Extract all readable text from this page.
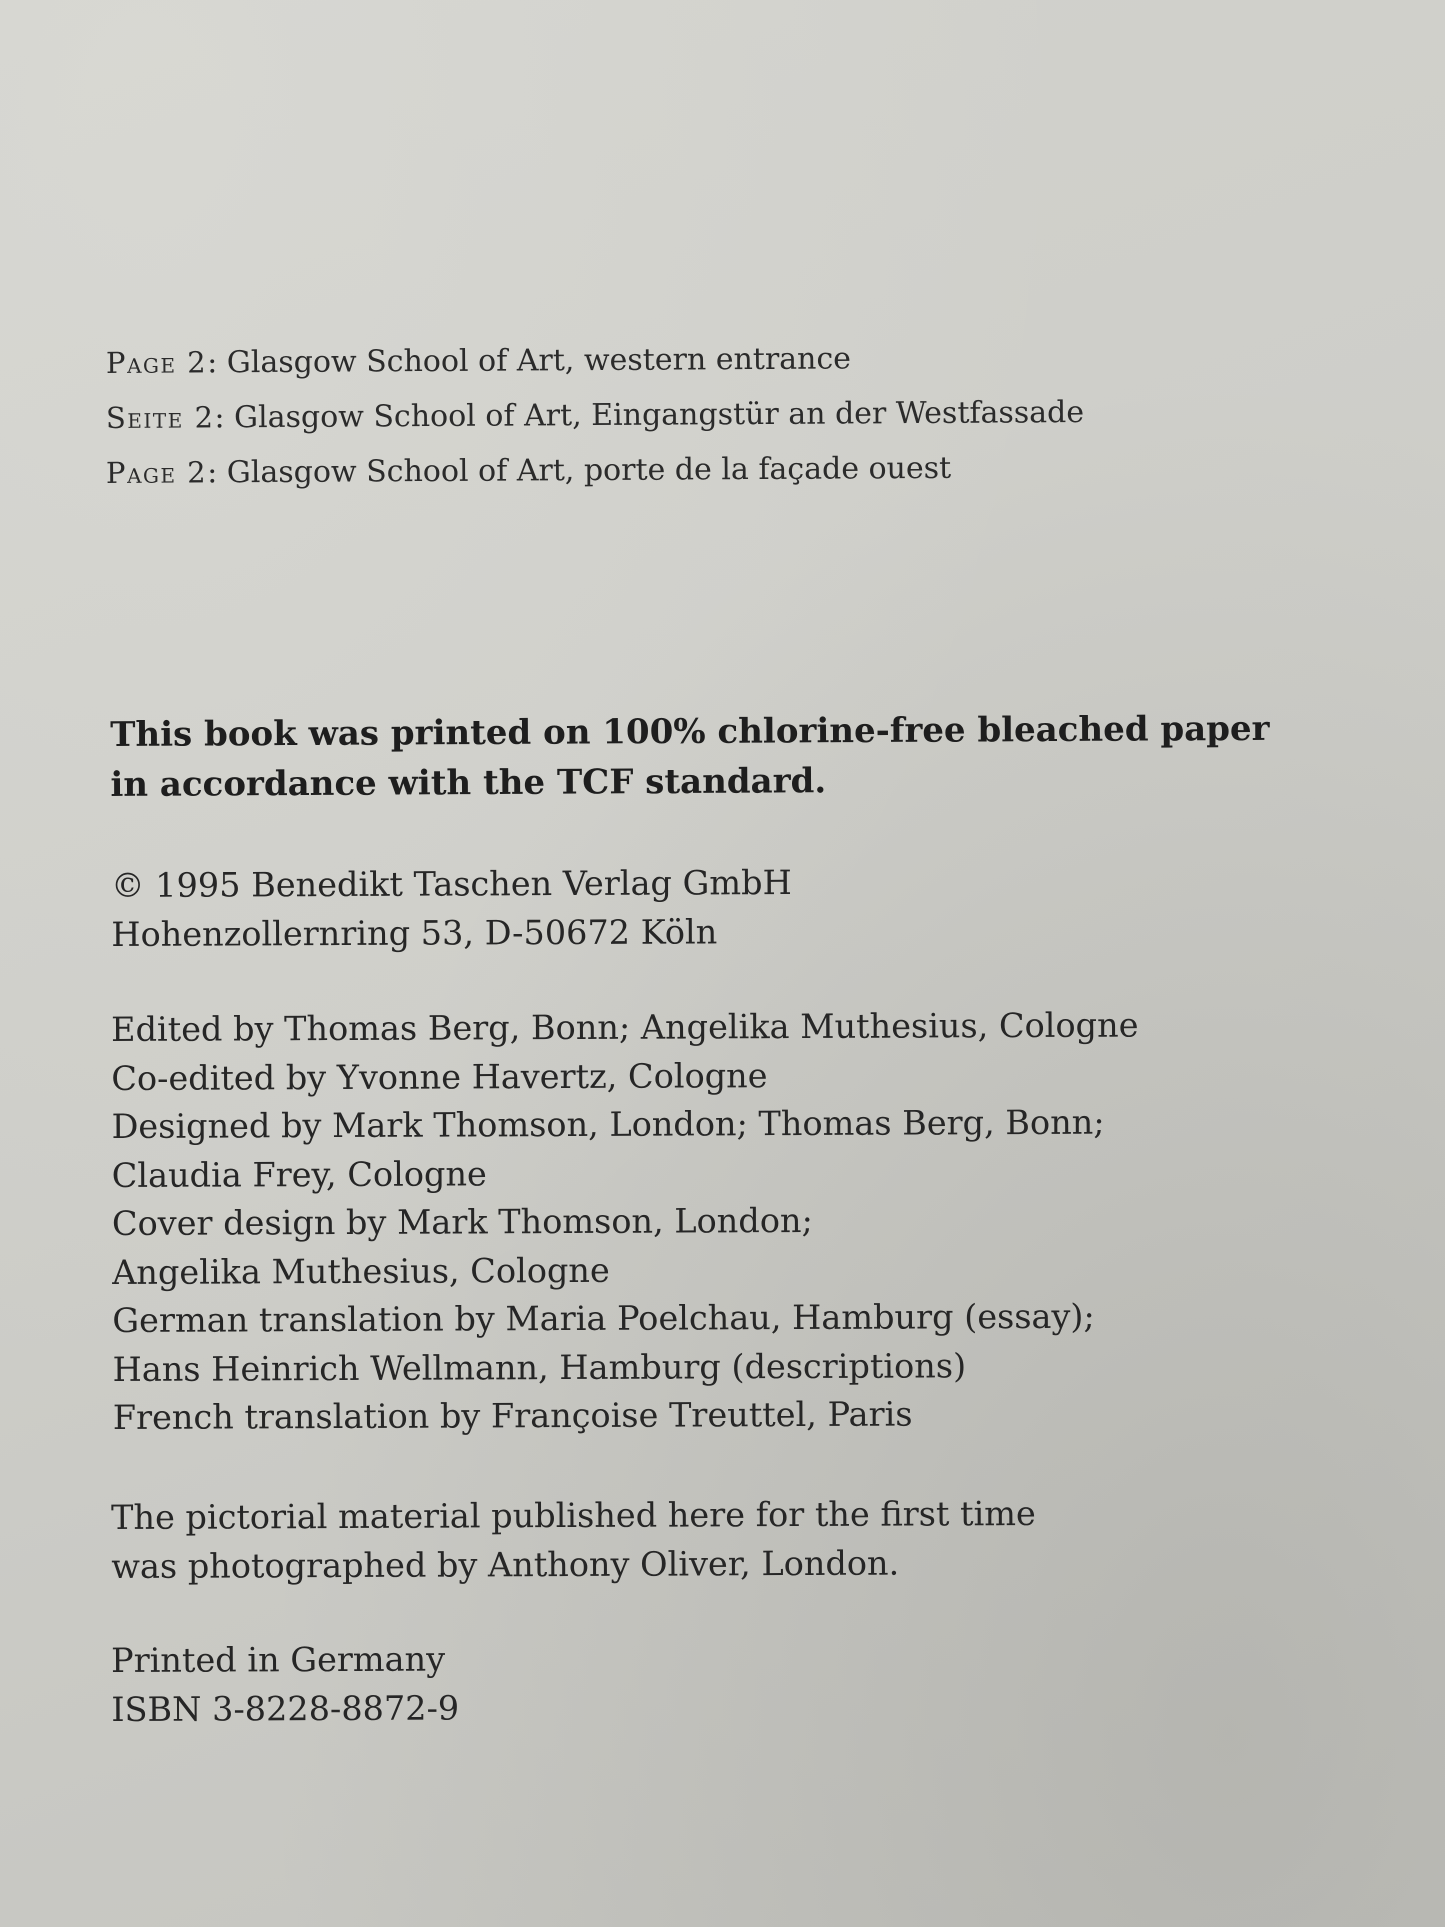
Page 2: Glasgow School of Art, western entrance
Seite 2: Glasgow School of Art, Eingangstür an der Westfassade
Page 2: Glasgow School of Art, porte de la façade ouest
This book was printed on 100% chlorine-free bleached paper
in accordance with the TCF standard.
© 1995 Benedikt Taschen Verlag GmbH
Hohenzollernring 53, D-50672 Köln
Edited by Thomas Berg, Bonn; Angelika Muthesius, Cologne
Co-edited by Yvonne Havertz, Cologne
Designed by Mark Thomson, London; Thomas Berg, Bonn;
Claudia Frey, Cologne
Cover design by Mark Thomson, London;
Angelika Muthesius, Cologne
German translation by Maria Poelchau, Hamburg (essay);
Hans Heinrich Wellmann, Hamburg (descriptions)
French translation by Françoise Treuttel, Paris
The pictorial material published here for the first time
was photographed by Anthony Oliver, London.
Printed in Germany
ISBN 3-8228-8872-9
